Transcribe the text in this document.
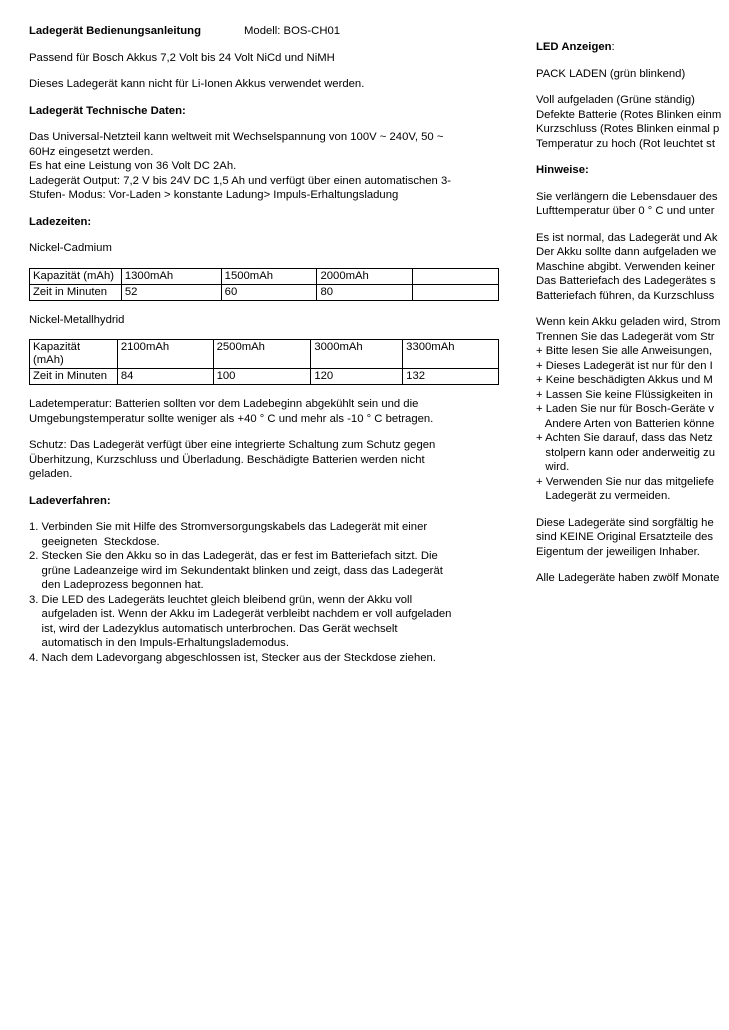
Ladegerät Bedienungsanleitung	Modell: BOS-CH01
Passend für Bosch Akkus 7,2 Volt bis 24 Volt NiCd und NiMH
Dieses Ladegerät kann nicht für Li-Ionen Akkus verwendet werden.
Ladegerät Technische Daten:
Das Universal-Netzteil kann weltweit mit Wechselspannung von 100V ~ 240V, 50 ~
60Hz eingesetzt werden.
Es hat eine Leistung von 36 Volt DC 2Ah.
Ladegerät Output: 7,2 V bis 24V DC 1,5 Ah und verfügt über einen automatischen 3-
Stufen- Modus: Vor-Laden > konstante Ladung> Impuls-Erhaltungsladung
Ladezeiten:
Nickel-Cadmium
Kapazität (mAh)	1300mAh	1500mAh	2000mAh	
Zeit in Minuten	52	60	80	
Nickel-Metallhydrid
Kapazität (mAh)	2100mAh	2500mAh	3000mAh	3300mAh
Zeit in Minuten	84	100	120	132
Ladetemperatur: Batterien sollten vor dem Ladebeginn abgekühlt sein und die
Umgebungstemperatur sollte weniger als +40 ° C und mehr als -10 ° C betragen.
Schutz: Das Ladegerät verfügt über eine integrierte Schaltung zum Schutz gegen
Überhitzung, Kurzschluss und Überladung. Beschädigte Batterien werden nicht
geladen.
Ladeverfahren:
1. Verbinden Sie mit Hilfe des Stromversorgungskabels das Ladegerät mit einer
geeigneten  Steckdose.
2. Stecken Sie den Akku so in das Ladegerät, das er fest im Batteriefach sitzt. Die
grüne Ladeanzeige wird im Sekundentakt blinken und zeigt, dass das Ladegerät
den Ladeprozess begonnen hat.
3. Die LED des Ladegeräts leuchtet gleich bleibend grün, wenn der Akku voll
aufgeladen ist. Wenn der Akku im Ladegerät verbleibt nachdem er voll aufgeladen
ist, wird der Ladezyklus automatisch unterbrochen. Das Gerät wechselt
automatisch in den Impuls-Erhaltungslademodus.
4. Nach dem Ladevorgang abgeschlossen ist, Stecker aus der Steckdose ziehen.
LED Anzeigen:
PACK LADEN (grün blinkend)
Voll aufgeladen (Grüne ständig)
Defekte Batterie (Rotes Blinken einm
Kurzschluss (Rotes Blinken einmal p
Temperatur zu hoch (Rot leuchtet st
Hinweise:
Sie verlängern die Lebensdauer des
Lufttemperatur über 0 ° C und unter
Es ist normal, das Ladegerät und Ak
Der Akku sollte dann aufgeladen we
Maschine abgibt. Verwenden keiner
Das Batteriefach des Ladegerätes s
Batteriefach führen, da Kurzschluss
Wenn kein Akku geladen wird, Strom
Trennen Sie das Ladegerät vom Str
+ Bitte lesen Sie alle Anweisungen,
+ Dieses Ladegerät ist nur für den I
+ Keine beschädigten Akkus und M
+ Lassen Sie keine Flüssigkeiten in
+ Laden Sie nur für Bosch-Geräte v
Andere Arten von Batterien könne
+ Achten Sie darauf, dass das Netz
stolpern kann oder anderweitig zu
wird.
+ Verwenden Sie nur das mitgeliefe
Ladegerät zu vermeiden.
Diese Ladegeräte sind sorgfältig he
sind KEINE Original Ersatzteile des
Eigentum der jeweiligen Inhaber.
Alle Ladegeräte haben zwölf Monate
